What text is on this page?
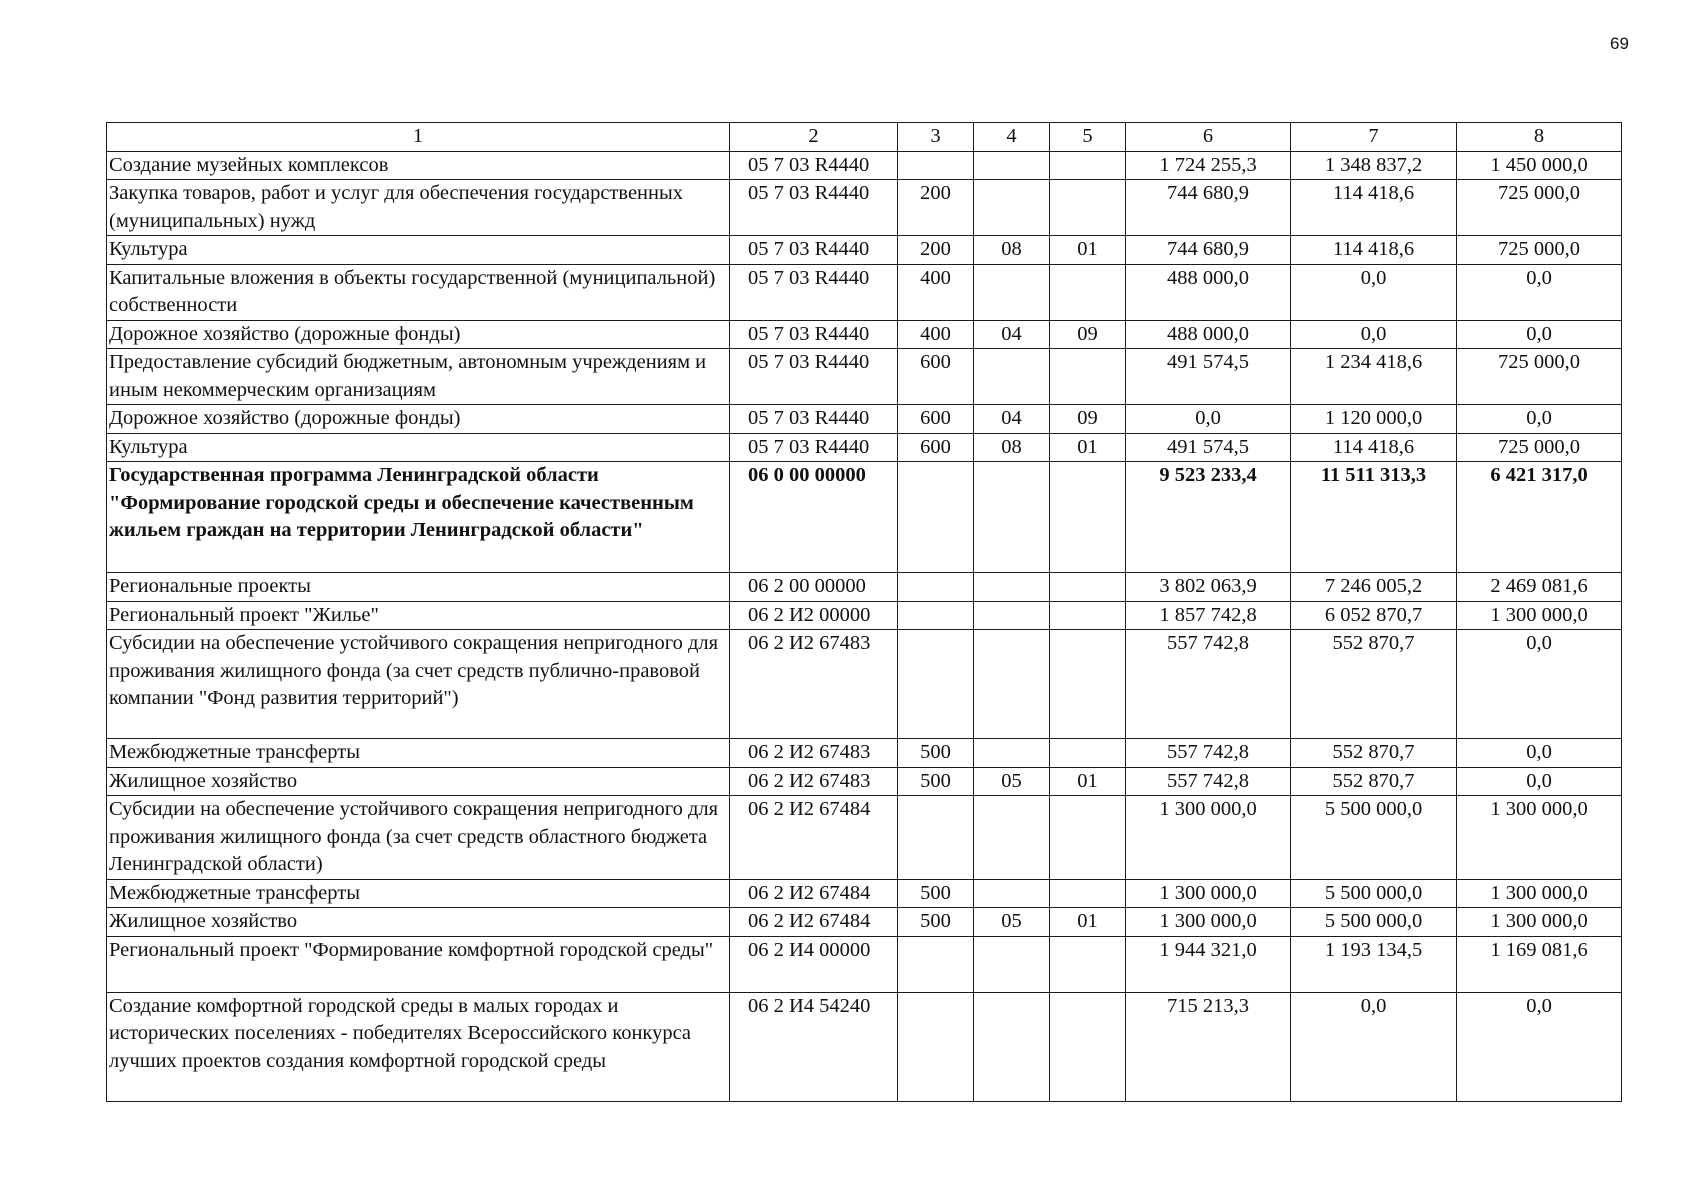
69
1	2	3	4	5	6	7	8
Создание музейных комплексов	05 7 03 R4440				1 724 255,3	1 348 837,2	1 450 000,0
Закупка товаров, работ и услуг для обеспечения государственных (муниципальных) нужд	05 7 03 R4440	200			744 680,9	114 418,6	725 000,0
Культура	05 7 03 R4440	200	08	01	744 680,9	114 418,6	725 000,0
Капитальные вложения в объекты государственной (муниципальной) собственности	05 7 03 R4440	400			488 000,0	0,0	0,0
Дорожное хозяйство (дорожные фонды)	05 7 03 R4440	400	04	09	488 000,0	0,0	0,0
Предоставление субсидий бюджетным, автономным учреждениям и иным некоммерческим организациям	05 7 03 R4440	600			491 574,5	1 234 418,6	725 000,0
Дорожное хозяйство (дорожные фонды)	05 7 03 R4440	600	04	09	0,0	1 120 000,0	0,0
Культура	05 7 03 R4440	600	08	01	491 574,5	114 418,6	725 000,0
Государственная программа Ленинградской области "Формирование городской среды и обеспечение качественным жильем граждан на территории Ленинградской области"	06 0 00 00000				9 523 233,4	11 511 313,3	6 421 317,0
Региональные проекты	06 2 00 00000				3 802 063,9	7 246 005,2	2 469 081,6
Региональный проект "Жилье"	06 2 И2 00000				1 857 742,8	6 052 870,7	1 300 000,0
Субсидии на обеспечение устойчивого сокращения непригодного для проживания жилищного фонда (за счет средств публично-правовой компании "Фонд развития территорий")	06 2 И2 67483				557 742,8	552 870,7	0,0
Межбюджетные трансферты	06 2 И2 67483	500			557 742,8	552 870,7	0,0
Жилищное хозяйство	06 2 И2 67483	500	05	01	557 742,8	552 870,7	0,0
Субсидии на обеспечение устойчивого сокращения непригодного для проживания жилищного фонда (за счет средств областного бюджета Ленинградской области)	06 2 И2 67484				1 300 000,0	5 500 000,0	1 300 000,0
Межбюджетные трансферты	06 2 И2 67484	500			1 300 000,0	5 500 000,0	1 300 000,0
Жилищное хозяйство	06 2 И2 67484	500	05	01	1 300 000,0	5 500 000,0	1 300 000,0
Региональный проект "Формирование комфортной городской среды"	06 2 И4 00000				1 944 321,0	1 193 134,5	1 169 081,6
Создание комфортной городской среды в малых городах и исторических поселениях - победителях Всероссийского конкурса лучших проектов создания комфортной городской среды	06 2 И4 54240				715 213,3	0,0	0,0
